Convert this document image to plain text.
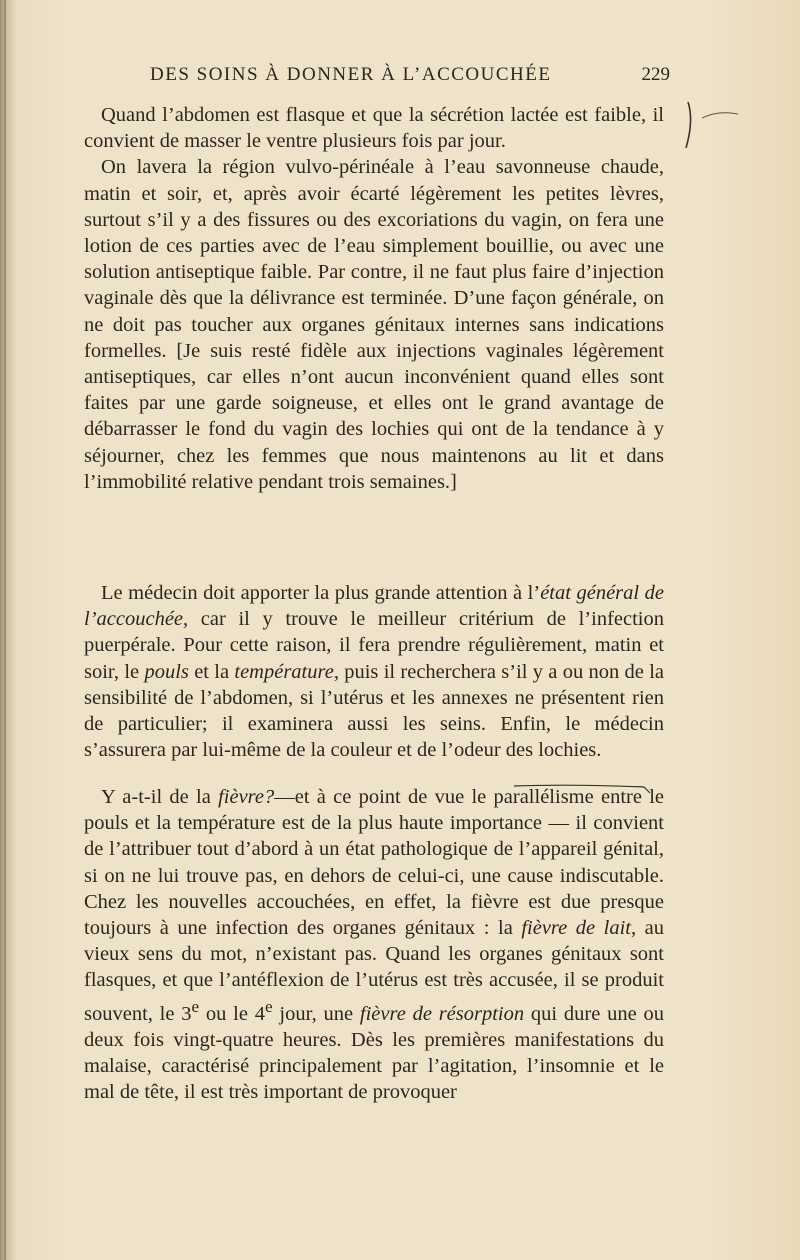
DES SOINS À DONNER À L’ACCOUCHÉE	229

Quand l’abdomen est flasque et que la sécrétion lactée est faible, il convient de masser le ventre plusieurs fois par jour.

On lavera la région vulvo-périnéale à l’eau savonneuse chaude, matin et soir, et, après avoir écarté légèrement les petites lèvres, surtout s’il y a des fissures ou des excoriations du vagin, on fera une lotion de ces parties avec de l’eau simplement bouillie, ou avec une solution antiseptique faible. Par contre, il ne faut plus faire d’injection vaginale dès que la délivrance est terminée. D’une façon générale, on ne doit pas toucher aux organes génitaux internes sans indications formelles. [Je suis resté fidèle aux injections vaginales légèrement antiseptiques, car elles n’ont aucun inconvénient quand elles sont faites par une garde soigneuse, et elles ont le grand avantage de débarrasser le fond du vagin des lochies qui ont de la tendance à y séjourner, chez les femmes que nous maintenons au lit et dans l’immobilité relative pendant trois semaines.]

Le médecin doit apporter la plus grande attention à l’état général de l’accouchée, car il y trouve le meilleur critérium de l’infection puerpérale. Pour cette raison, il fera prendre régulièrement, matin et soir, le pouls et la température, puis il recherchera s’il y a ou non de la sensibilité de l’abdomen, si l’utérus et les annexes ne présentent rien de particulier; il examinera aussi les seins. Enfin, le médecin s’assurera par lui-même de la couleur et de l’odeur des lochies.

Y a-t-il de la fièvre?—et à ce point de vue le parallélisme entre le pouls et la température est de la plus haute importance — il convient de l’attribuer tout d’abord à un état pathologique de l’appareil génital, si on ne lui trouve pas, en dehors de celui-ci, une cause indiscutable. Chez les nouvelles accouchées, en effet, la fièvre est due presque toujours à une infection des organes génitaux : la fièvre de lait, au vieux sens du mot, n’existant pas. Quand les organes génitaux sont flasques, et que l’antéflexion de l’utérus est très accusée, il se produit souvent, le 3e ou le 4e jour, une fièvre de résorption qui dure une ou deux fois vingt-quatre heures. Dès les premières manifestations du malaise, caractérisé principalement par l’agitation, l’insomnie et le mal de tête, il est très important de provoquer
